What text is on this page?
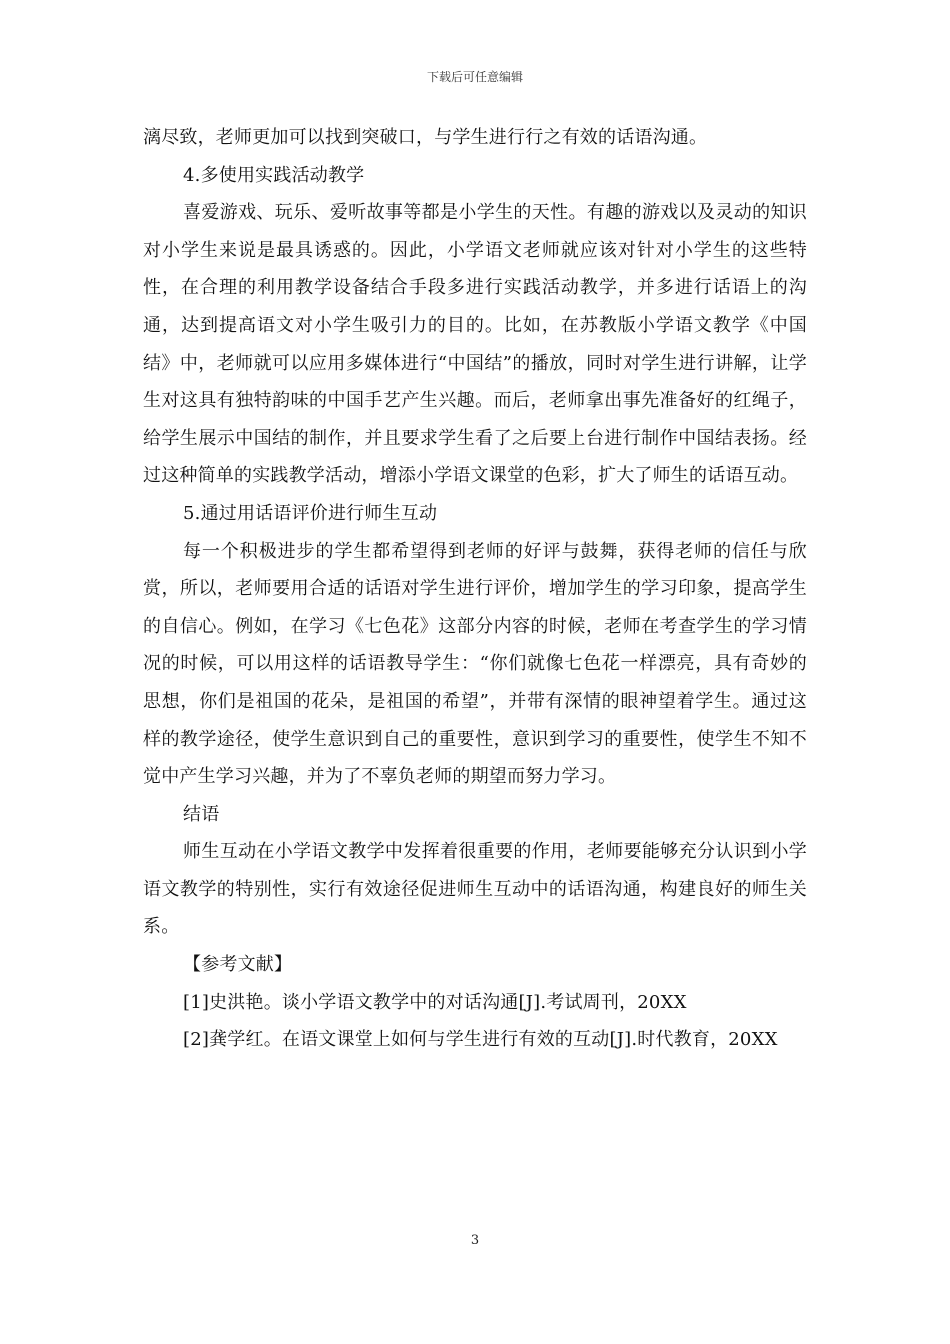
下载后可任意编辑

漓尽致，老师更加可以找到突破口，与学生进行行之有效的话语沟通。

4.多使用实践活动教学

喜爱游戏、玩乐、爱听故事等都是小学生的天性。有趣的游戏以及灵动的知识对小学生来说是最具诱惑的。因此，小学语文老师就应该对针对小学生的这些特性，在合理的利用教学设备结合手段多进行实践活动教学，并多进行话语上的沟通，达到提高语文对小学生吸引力的目的。比如，在苏教版小学语文教学《中国结》中，老师就可以应用多媒体进行“中国结”的播放，同时对学生进行讲解，让学生对这具有独特韵味的中国手艺产生兴趣。而后，老师拿出事先准备好的红绳子，给学生展示中国结的制作，并且要求学生看了之后要上台进行制作中国结表扬。经过这种简单的实践教学活动，增添小学语文课堂的色彩，扩大了师生的话语互动。

5.通过用话语评价进行师生互动

每一个积极进步的学生都希望得到老师的好评与鼓舞，获得老师的信任与欣赏，所以，老师要用合适的话语对学生进行评价，增加学生的学习印象，提高学生的自信心。例如，在学习《七色花》这部分内容的时候，老师在考查学生的学习情况的时候，可以用这样的话语教导学生：“你们就像七色花一样漂亮，具有奇妙的思想，你们是祖国的花朵，是祖国的希望”，并带有深情的眼神望着学生。通过这样的教学途径，使学生意识到自己的重要性，意识到学习的重要性，使学生不知不觉中产生学习兴趣，并为了不辜负老师的期望而努力学习。

结语

师生互动在小学语文教学中发挥着很重要的作用，老师要能够充分认识到小学语文教学的特别性，实行有效途径促进师生互动中的话语沟通，构建良好的师生关系。

【参考文献】

[1]史洪艳。谈小学语文教学中的对话沟通[J].考试周刊，20XX

[2]龚学红。在语文课堂上如何与学生进行有效的互动[J].时代教育，20XX

3
